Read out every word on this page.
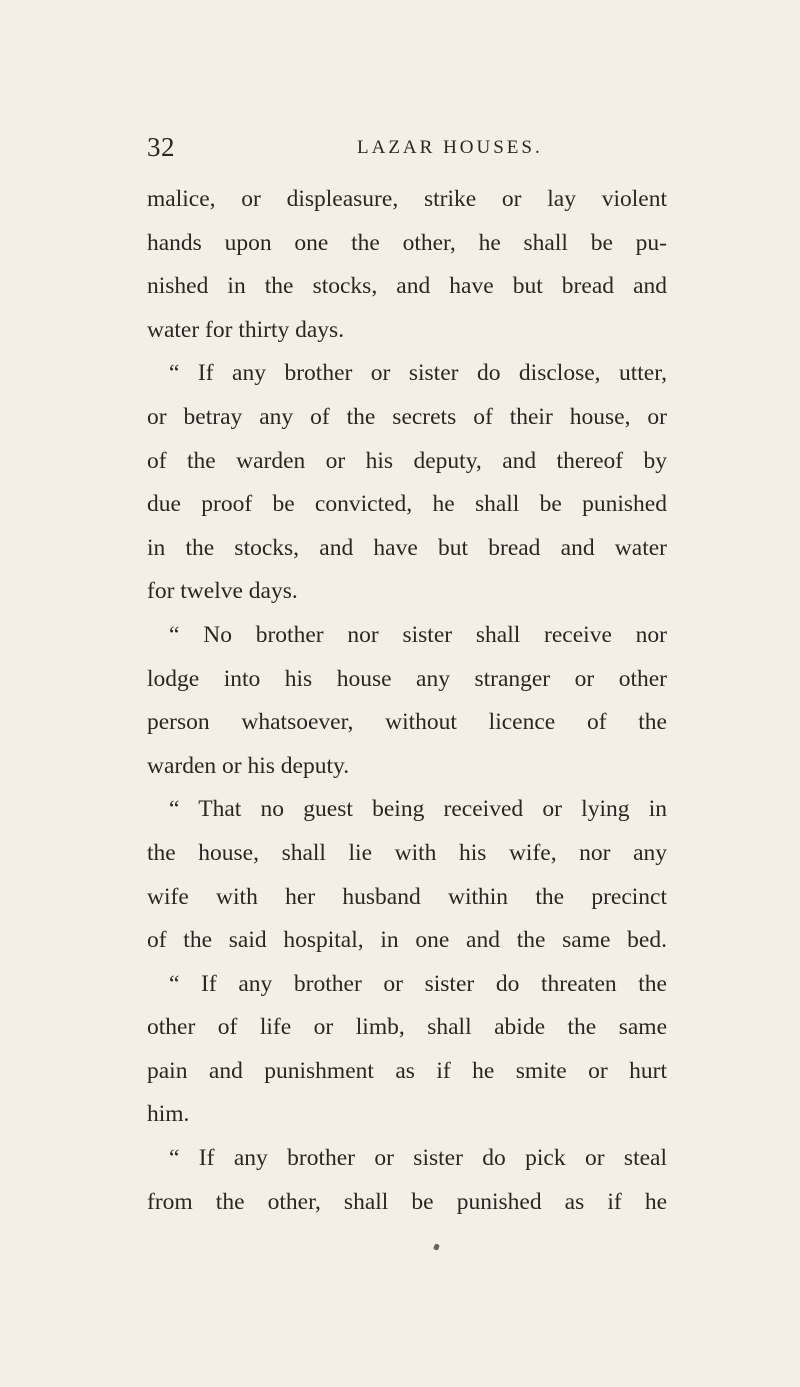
32	LAZAR HOUSES.
malice, or displeasure, strike or lay violent
hands upon one the other, he shall be pu-
nished in the stocks, and have but bread and
water for thirty days.
“ If any brother or sister do disclose, utter,
or betray any of the secrets of their house, or
of the warden or his deputy, and thereof by
due proof be convicted, he shall be punished
in the stocks, and have but bread and water
for twelve days.
“ No brother nor sister shall receive nor
lodge into his house any stranger or other
person whatsoever, without licence of the
warden or his deputy.
“ That no guest being received or lying in
the house, shall lie with his wife, nor any
wife with her husband within the precinct
of the said hospital, in one and the same bed.
“ If any brother or sister do threaten the
other of life or limb, shall abide the same
pain and punishment as if he smite or hurt
him.
“ If any brother or sister do pick or steal
from the other, shall be punished as if he
